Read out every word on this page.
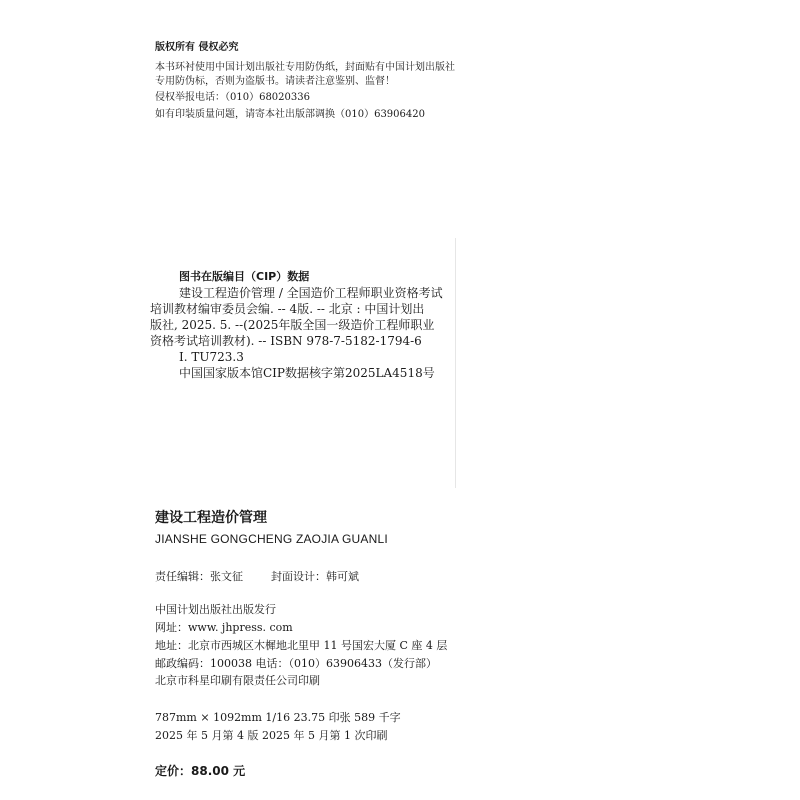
版权所有 侵权必究
本书环衬使用中国计划出版社专用防伪纸，封面贴有中国计划出版社
专用防伪标，否则为盗版书。请读者注意鉴别、监督！
侵权举报电话：（010）68020336
如有印装质量问题，请寄本社出版部调换（010）63906420
图书在版编目（CIP）数据
建设工程造价管理 / 全国造价工程师职业资格考试
培训教材编审委员会编. -- 4版. -- 北京 : 中国计划出
版社, 2025. 5. --(2025年版全国一级造价工程师职业
资格考试培训教材). -- ISBN 978-7-5182-1794-6
Ⅰ. TU723.3
中国国家版本馆CIP数据核字第2025LA4518号
建设工程造价管理
JIANSHE GONGCHENG ZAOJIA GUANLI
责任编辑：张文征	封面设计：韩可斌
中国计划出版社出版发行
网址：www. jhpress. com
地址：北京市西城区木樨地北里甲 11 号国宏大厦 C 座 4 层
邮政编码：100038 电话：（010）63906433（发行部）
北京市科星印刷有限责任公司印刷
787mm × 1092mm 1/16 23.75 印张 589 千字
2025 年 5 月第 4 版 2025 年 5 月第 1 次印刷
定价：88.00 元
